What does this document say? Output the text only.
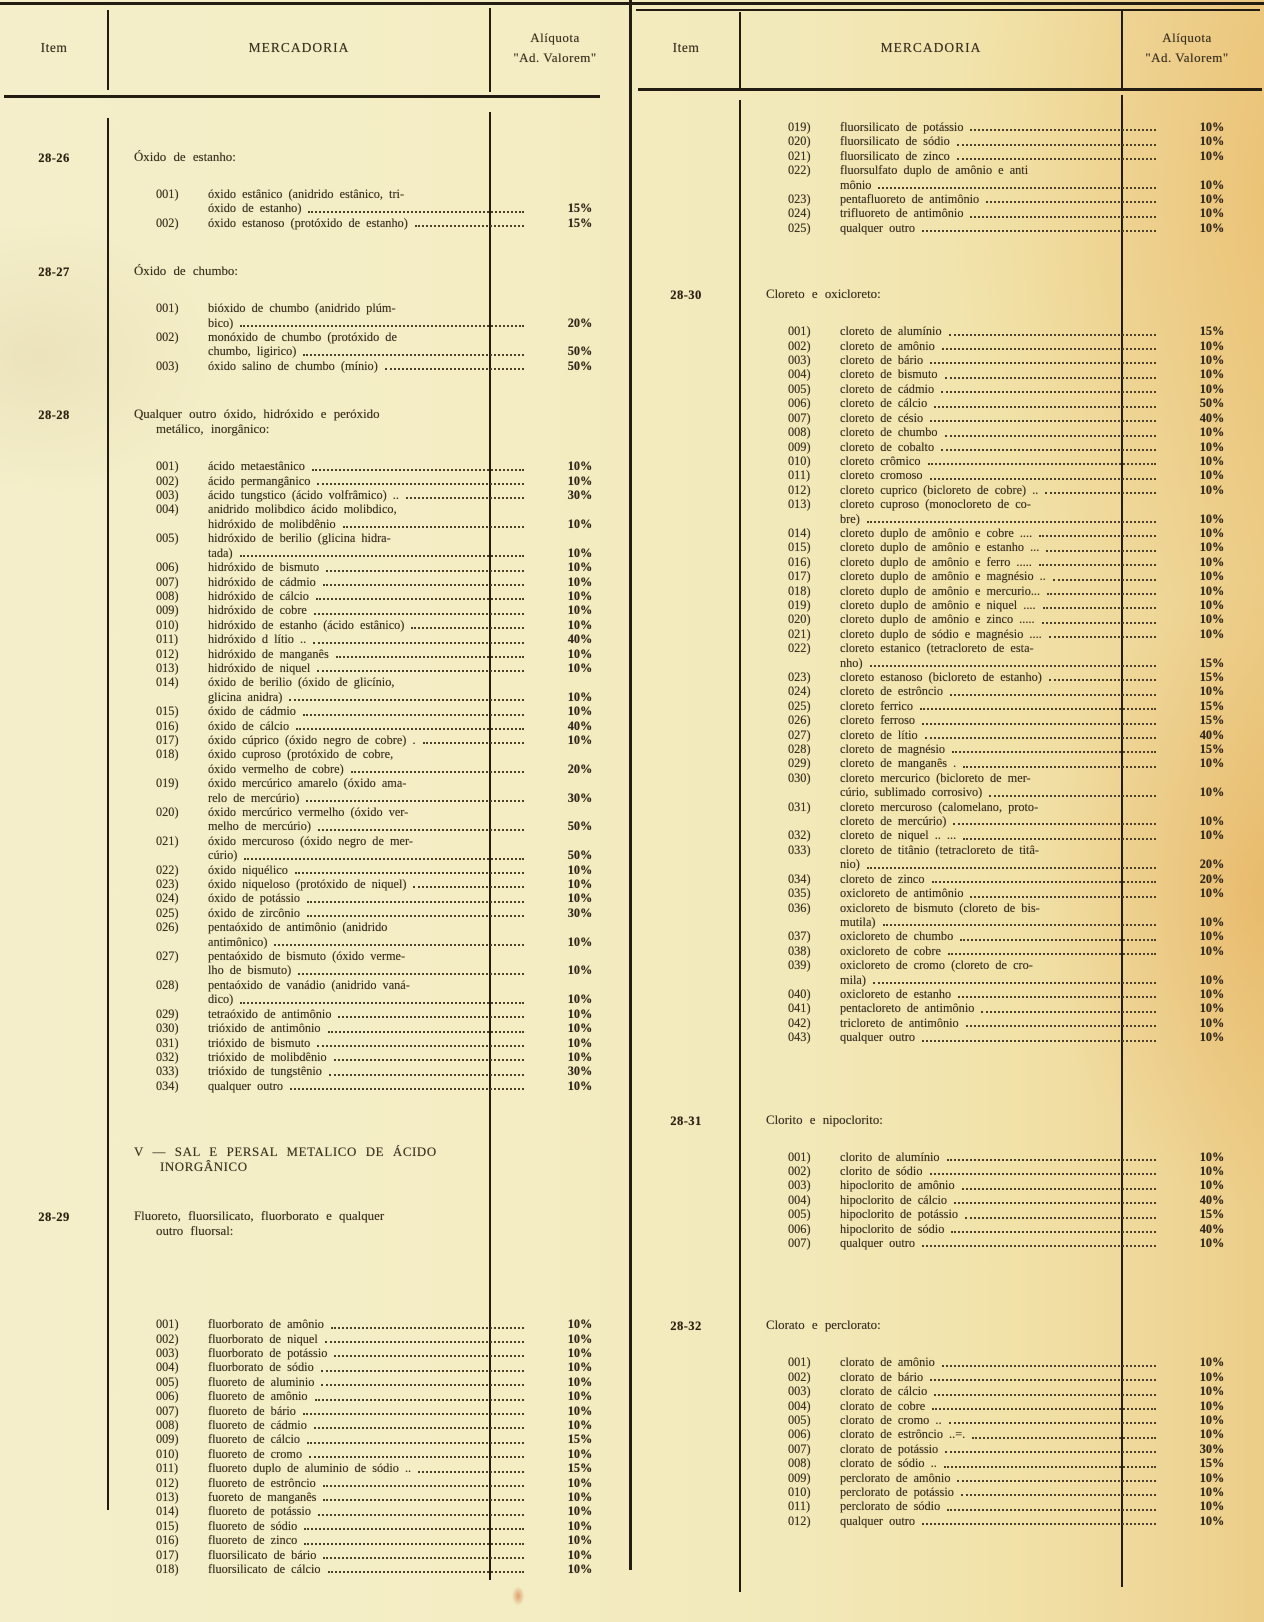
Item	MERCADORIA
Alíquota
"Ad. Valorem"
28-26	Óxido de estanho:
001)	óxido estânico (anidrido estânico, tri-
óxido de estanho)	15%
002)	óxido estanoso (protóxido de estanho)	15%
28-27	Óxido de chumbo:
001)	bióxido de chumbo (anidrido plúm-
bico)	20%
002)	monóxido de chumbo (protóxido de
chumbo, ligirico)	50%
003)	óxido salino de chumbo (mínio)	50%
28-28	Qualquer outro óxido, hidróxido e peróxido
metálico, inorgânico:
001)	ácido metaestânico	10%
002)	ácido permangânico	10%
003)	ácido tungstico (ácido volfrâmico) ..	30%
004)	anidrido molibdico ácido molibdico,
hidróxido de molibdênio	10%
005)	hidróxido de berilio (glicina hidra-
tada)	10%
006)	hidróxido de bismuto	10%
007)	hidróxido de cádmio	10%
008)	hidróxido de cálcio	10%
009)	hidróxido de cobre	10%
010)	hidróxido de estanho (ácido estânico)	10%
011)	hidróxido d lítio ..	40%
012)	hidróxido de manganês	10%
013)	hidróxido de niquel	10%
014)	óxido de berilio (óxido de glicínio,
glicina anidra)	10%
015)	óxido de cádmio	10%
016)	óxido de cálcio	40%
017)	óxido cúprico (óxido negro de cobre) .	10%
018)	óxido cuproso (protóxido de cobre,
óxido vermelho de cobre)	20%
019)	óxido mercúrico amarelo (óxido ama-
relo de mercúrio)	30%
020)	óxido mercúrico vermelho (óxido ver-
melho de mercúrio)	50%
021)	óxido mercuroso (óxido negro de mer-
cúrio)	50%
022)	óxido niquélico	10%
023)	óxido niqueloso (protóxido de niquel)	10%
024)	óxido de potássio	10%
025)	óxido de zircônio	30%
026)	pentaóxido de antimônio (anidrido
antimônico)	10%
027)	pentaóxido de bismuto (óxido verme-
lho de bismuto)	10%
028)	pentaóxido de vanádio (anidrido vaná-
dico)	10%
029)	tetraóxido de antimônio	10%
030)	trióxido de antimônio	10%
031)	trióxido de bismuto	10%
032)	trióxido de molibdênio	10%
033)	trióxido de tungstênio	30%
034)	qualquer outro	10%
V — SAL E PERSAL METALICO DE ÁCIDO
INORGÂNICO
28-29	Fluoreto, fluorsilicato, fluorborato e qualquer
outro fluorsal:
001)	fluorborato de amônio	10%
002)	fluorborato de niquel	10%
003)	fluorborato de potássio	10%
004)	fluorborato de sódio	10%
005)	fluoreto de aluminio	10%
006)	fluoreto de amônio	10%
007)	fluoreto de bário	10%
008)	fluoreto de cádmio	10%
009)	fluoreto de cálcio	15%
010)	fluoreto de cromo	10%
011)	fluoreto duplo de aluminio de sódio ..	15%
012)	fluoreto de estrôncio	10%
013)	fuoreto de manganês	10%
014)	fluoreto de potássio	10%
015)	fluoreto de sódio	10%
016)	fluoreto de zinco	10%
017)	fluorsilicato de bário	10%
018)	fluorsilicato de cálcio	10%
Item	MERCADORIA
Alíquota
"Ad. Valorem"
019)	fluorsilicato de potássio	10%
020)	fluorsilicato de sódio	10%
021)	fluorsilicato de zinco	10%
022)	fluorsulfato duplo de amônio e anti
mônio	10%
023)	pentafluoreto de antimônio	10%
024)	trifluoreto de antimônio	10%
025)	qualquer outro	10%
28-30	Cloreto e oxicloreto:
001)	cloreto de alumínio	15%
002)	cloreto de amônio	10%
003)	cloreto de bário	10%
004)	cloreto de bismuto	10%
005)	cloreto de cádmio	10%
006)	cloreto de cálcio	50%
007)	cloreto de césio	40%
008)	cloreto de chumbo	10%
009)	cloreto de cobalto	10%
010)	cloreto crômico	10%
011)	cloreto cromoso	10%
012)	cloreto cuprico (bicloreto de cobre) ..	10%
013)	cloreto cuproso (monocloreto de co-
bre)	10%
014)	cloreto duplo de amônio e cobre ....	10%
015)	cloreto duplo de amônio e estanho ...	10%
016)	cloreto duplo de amônio e ferro .....	10%
017)	cloreto duplo de amônio e magnésio ..	10%
018)	cloreto duplo de amônio e mercurio...	10%
019)	cloreto duplo de amônio e niquel ....	10%
020)	cloreto duplo de amônio e zinco .....	10%
021)	cloreto duplo de sódio e magnésio ....	10%
022)	cloreto estanico (tetracloreto de esta-
nho)	15%
023)	cloreto estanoso (bicloreto de estanho)	15%
024)	cloreto de estrôncio	10%
025)	cloreto ferrico	15%
026)	cloreto ferroso	15%
027)	cloreto de lítio	40%
028)	cloreto de magnésio	15%
029)	cloreto de manganês .	10%
030)	cloreto mercurico (bicloreto de mer-
cúrio, sublimado corrosivo)	10%
031)	cloreto mercuroso (calomelano, proto-
cloreto de mercúrio)	10%
032)	cloreto de niquel .. ...	10%
033)	cloreto de titânio (tetracloreto de titâ-
nio)	20%
034)	cloreto de zinco	20%
035)	oxicloreto de antimônio	10%
036)	oxicloreto de bismuto (cloreto de bis-
mutila)	10%
037)	oxicloreto de chumbo	10%
038)	oxicloreto de cobre	10%
039)	oxicloreto de cromo (cloreto de cro-
mila)	10%
040)	oxicloreto de estanho	10%
041)	pentacloreto de antimônio	10%
042)	tricloreto de antimônio	10%
043)	qualquer outro	10%
28-31	Clorito e nipoclorito:
001)	clorito de alumínio	10%
002)	clorito de sódio	10%
003)	hipoclorito de amônio	10%
004)	hipoclorito de cálcio	40%
005)	hipoclorito de potássio	15%
006)	hipoclorito de sódio	40%
007)	qualquer outro	10%
28-32	Clorato e perclorato:
001)	clorato de amônio	10%
002)	clorato de bário	10%
003)	clorato de cálcio	10%
004)	clorato de cobre	10%
005)	clorato de cromo ..	10%
006)	clorato de estrôncio ..=.	10%
007)	clorato de potássio	30%
008)	clorato de sódio ..	15%
009)	perclorato de amônio	10%
010)	perclorato de potássio	10%
011)	perclorato de sódio	10%
012)	qualquer outro	10%
